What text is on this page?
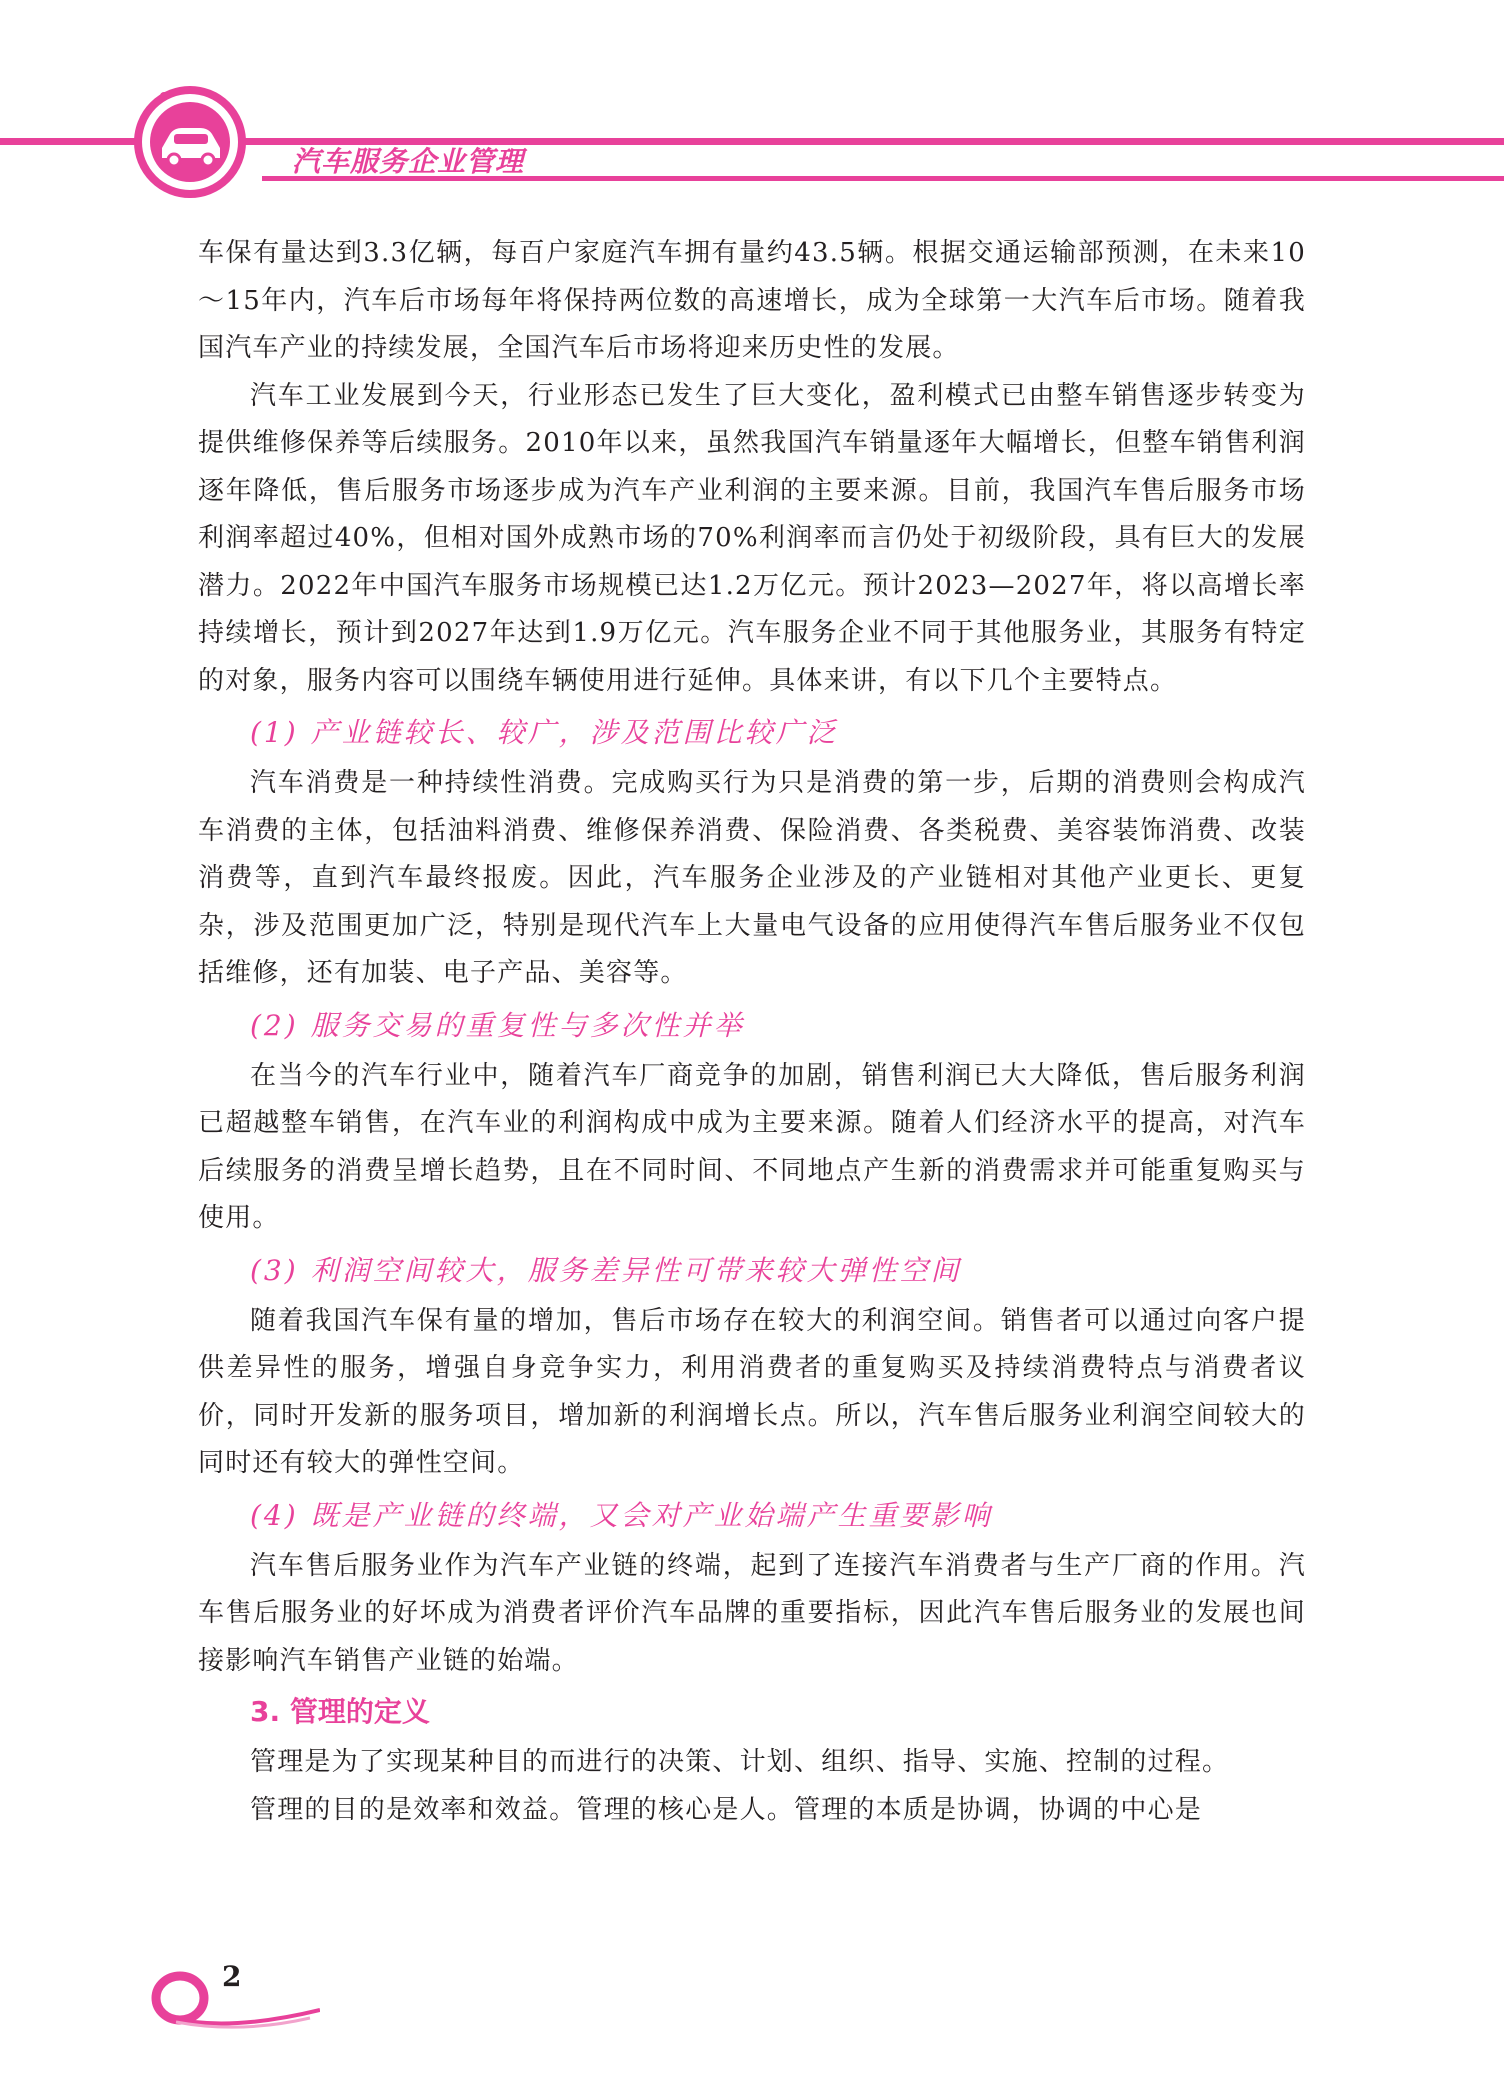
汽车服务企业管理

车保有量达到3.3亿辆，每百户家庭汽车拥有量约43.5辆。根据交通运输部预测，在未来10～15年内，汽车后市场每年将保持两位数的高速增长，成为全球第一大汽车后市场。随着我国汽车产业的持续发展，全国汽车后市场将迎来历史性的发展。

汽车工业发展到今天，行业形态已发生了巨大变化，盈利模式已由整车销售逐步转变为提供维修保养等后续服务。2010年以来，虽然我国汽车销量逐年大幅增长，但整车销售利润逐年降低，售后服务市场逐步成为汽车产业利润的主要来源。目前，我国汽车售后服务市场利润率超过40%，但相对国外成熟市场的70%利润率而言仍处于初级阶段，具有巨大的发展潜力。2022年中国汽车服务市场规模已达1.2万亿元。预计2023—2027年，将以高增长率持续增长，预计到2027年达到1.9万亿元。汽车服务企业不同于其他服务业，其服务有特定的对象，服务内容可以围绕车辆使用进行延伸。具体来讲，有以下几个主要特点。

(1) 产业链较长、较广，涉及范围比较广泛

汽车消费是一种持续性消费。完成购买行为只是消费的第一步，后期的消费则会构成汽车消费的主体，包括油料消费、维修保养消费、保险消费、各类税费、美容装饰消费、改装消费等，直到汽车最终报废。因此，汽车服务企业涉及的产业链相对其他产业更长、更复杂，涉及范围更加广泛，特别是现代汽车上大量电气设备的应用使得汽车售后服务业不仅包括维修，还有加装、电子产品、美容等。

(2) 服务交易的重复性与多次性并举

在当今的汽车行业中，随着汽车厂商竞争的加剧，销售利润已大大降低，售后服务利润已超越整车销售，在汽车业的利润构成中成为主要来源。随着人们经济水平的提高，对汽车后续服务的消费呈增长趋势，且在不同时间、不同地点产生新的消费需求并可能重复购买与使用。

(3) 利润空间较大，服务差异性可带来较大弹性空间

随着我国汽车保有量的增加，售后市场存在较大的利润空间。销售者可以通过向客户提供差异性的服务，增强自身竞争实力，利用消费者的重复购买及持续消费特点与消费者议价，同时开发新的服务项目，增加新的利润增长点。所以，汽车售后服务业利润空间较大的同时还有较大的弹性空间。

(4) 既是产业链的终端，又会对产业始端产生重要影响

汽车售后服务业作为汽车产业链的终端，起到了连接汽车消费者与生产厂商的作用。汽车售后服务业的好坏成为消费者评价汽车品牌的重要指标，因此汽车售后服务业的发展也间接影响汽车销售产业链的始端。

3. 管理的定义

管理是为了实现某种目的而进行的决策、计划、组织、指导、实施、控制的过程。

管理的目的是效率和效益。管理的核心是人。管理的本质是协调，协调的中心是

2
